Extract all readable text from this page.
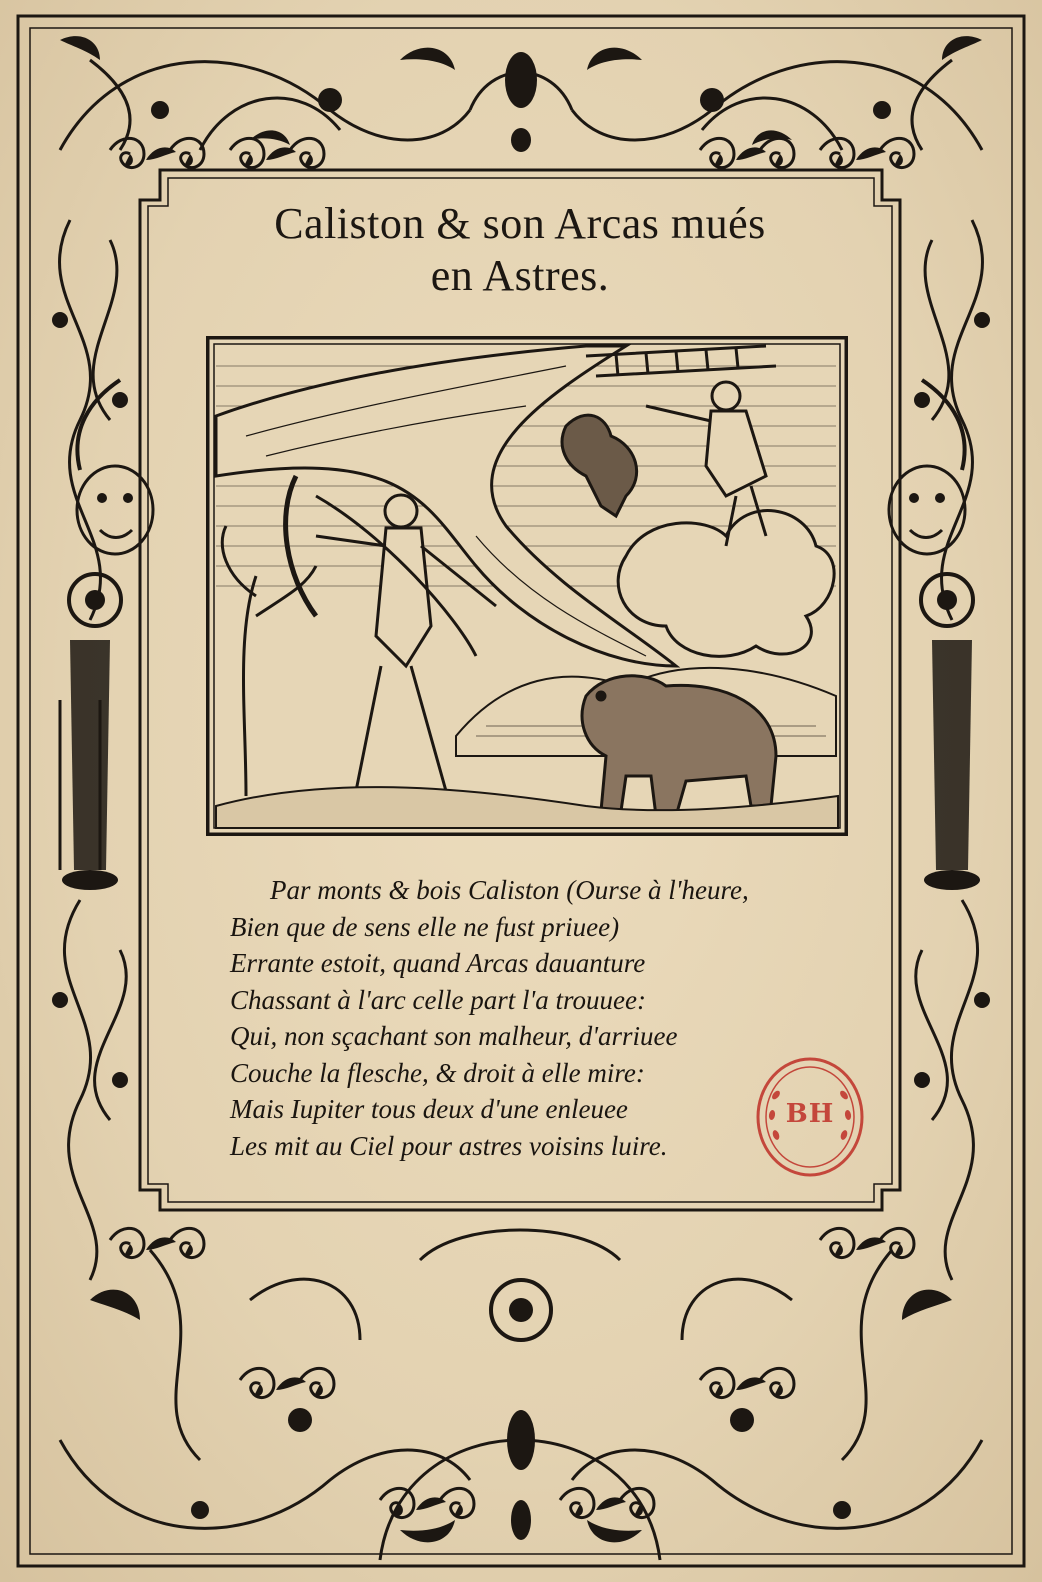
Caliston & son Arcas mués
en Astres.
Par monts & bois Caliston (Ourse à l'heure,
Bien que de sens elle ne fust priuee)
Errante estoit, quand Arcas dauanture
Chassant à l'arc celle part l'a trouuee:
Qui, non sçachant son malheur, d'arriuee
Couche la flesche, & droit à elle mire:
Mais Iupiter tous deux d'une enleuee
Les mit au Ciel pour astres voisins luire.
BH
